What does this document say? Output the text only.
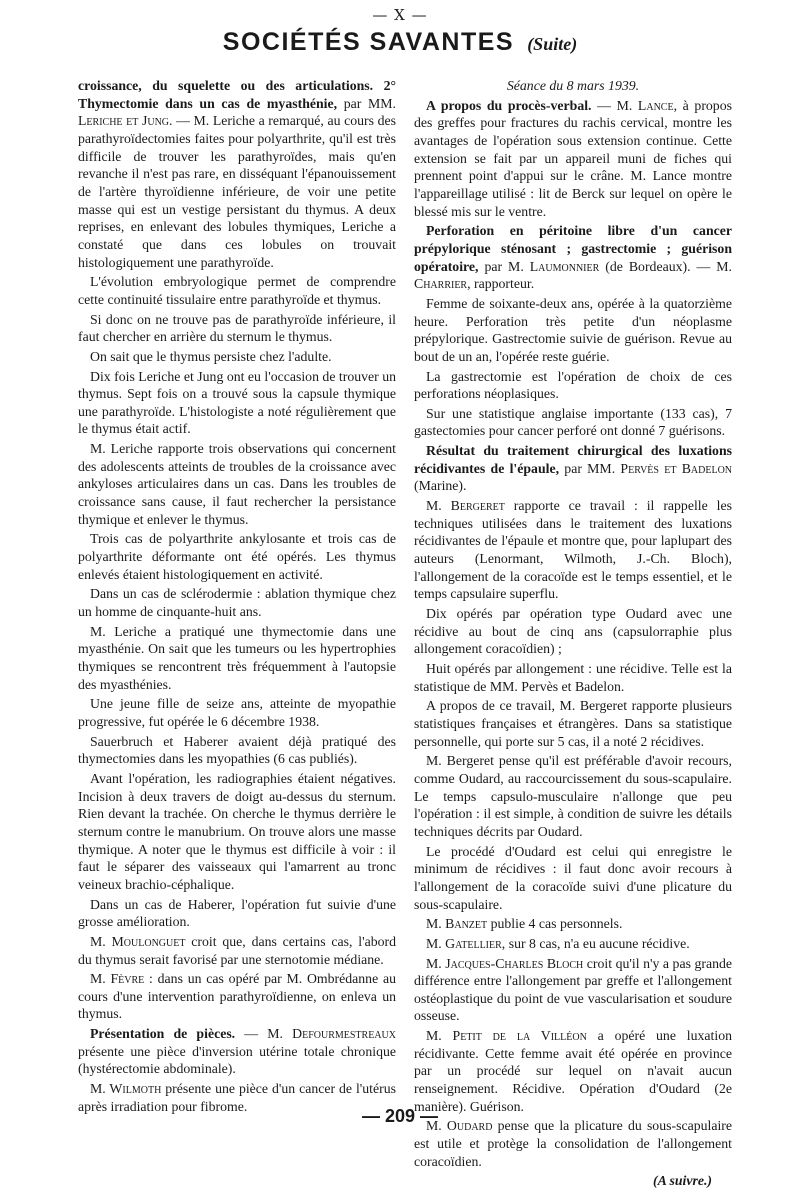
— X —
SOCIÉTÉS SAVANTES (Suite)

croissance, du squelette ou des articulations. 2° Thymectomie dans un cas de myasthénie, par MM. Leriche et Jung. — M. Leriche a remarqué, au cours des parathyroïdectomies faites pour polyarthrite, qu'il est très difficile de trouver les parathyroïdes, mais qu'en revanche il n'est pas rare, en disséquant l'épanouissement de l'artère thyroïdienne inférieure, de voir une petite masse qui est un vestige persistant du thymus. A deux reprises, en enlevant des lobules thymiques, Leriche a constaté que dans ces lobules on trouvait histologiquement une parathyroïde.

L'évolution embryologique permet de comprendre cette continuité tissulaire entre parathyroïde et thymus.

Si donc on ne trouve pas de parathyroïde inférieure, il faut chercher en arrière du sternum le thymus.

On sait que le thymus persiste chez l'adulte.

Dix fois Leriche et Jung ont eu l'occasion de trouver un thymus. Sept fois on a trouvé sous la capsule thymique une parathyroïde. L'histologiste a noté régulièrement que le thymus était actif.

M. Leriche rapporte trois observations qui concernent des adolescents atteints de troubles de la croissance avec ankyloses articulaires dans un cas. Dans les troubles de croissance sans cause, il faut rechercher la persistance thymique et enlever le thymus.

Trois cas de polyarthrite ankylosante et trois cas de polyarthrite déformante ont été opérés. Les thymus enlevés étaient histologiquement en activité.

Dans un cas de sclérodermie : ablation thymique chez un homme de cinquante-huit ans.

M. Leriche a pratiqué une thymectomie dans une myasthénie. On sait que les tumeurs ou les hypertrophies thymiques se rencontrent très fréquemment à l'autopsie des myasthénies.

Une jeune fille de seize ans, atteinte de myopathie progressive, fut opérée le 6 décembre 1938.

Sauerbruch et Haberer avaient déjà pratiqué des thymectomies dans les myopathies (6 cas publiés).

Avant l'opération, les radiographies étaient négatives. Incision à deux travers de doigt au-dessus du sternum. Rien devant la trachée. On cherche le thymus derrière le sternum contre le manubrium. On trouve alors une masse thymique. A noter que le thymus est difficile à voir : il faut le séparer des vaisseaux qui l'amarrent au tronc veineux brachio-céphalique.

Dans un cas de Haberer, l'opération fut suivie d'une grosse amélioration.

M. Moulonguet croit que, dans certains cas, l'abord du thymus serait favorisé par une sternotomie médiane.

M. Fèvre : dans un cas opéré par M. Ombrédanne au cours d'une intervention parathyroïdienne, on enleva un thymus.

Présentation de pièces. — M. Defourmestreaux présente une pièce d'inversion utérine totale chronique (hystérectomie abdominale).

M. Wilmoth présente une pièce d'un cancer de l'utérus après irradiation pour fibrome.

Séance du 8 mars 1939.

A propos du procès-verbal. — M. Lance, à propos des greffes pour fractures du rachis cervical, montre les avantages de l'opération sous extension continue. Cette extension se fait par un appareil muni de fiches qui prennent point d'appui sur le crâne. M. Lance montre l'appareillage utilisé : lit de Berck sur lequel on opère le blessé mis sur le ventre.

Perforation en péritoine libre d'un cancer prépylorique sténosant ; gastrectomie ; guérison opératoire, par M. Laumonnier (de Bordeaux). — M. Charrier, rapporteur.

Femme de soixante-deux ans, opérée à la quatorzième heure. Perforation très petite d'un néoplasme prépylorique. Gastrectomie suivie de guérison. Revue au bout de un an, l'opérée reste guérie.

La gastrectomie est l'opération de choix de ces perforations néoplasiques.

Sur une statistique anglaise importante (133 cas), 7 gastectomies pour cancer perforé ont donné 7 guérisons.

Résultat du traitement chirurgical des luxations récidivantes de l'épaule, par MM. Pervès et Badelon (Marine).

M. Bergeret rapporte ce travail : il rappelle les techniques utilisées dans le traitement des luxations récidivantes de l'épaule et montre que, pour laplupart des auteurs (Lenormant, Wilmoth, J.-Ch. Bloch), l'allongement de la coracoïde est le temps essentiel, et le temps capsulaire superflu.

Dix opérés par opération type Oudard avec une récidive au bout de cinq ans (capsulorraphie plus allongement coracoïdien) ;

Huit opérés par allongement : une récidive. Telle est la statistique de MM. Pervès et Badelon.

A propos de ce travail, M. Bergeret rapporte plusieurs statistiques françaises et étrangères. Dans sa statistique personnelle, qui porte sur 5 cas, il a noté 2 récidives.

M. Bergeret pense qu'il est préférable d'avoir recours, comme Oudard, au raccourcissement du sous-scapulaire. Le temps capsulo-musculaire n'allonge que peu l'opération : il est simple, à condition de suivre les détails techniques décrits par Oudard.

Le procédé d'Oudard est celui qui enregistre le minimum de récidives : il faut donc avoir recours à l'allongement de la coracoïde suivi d'une plicature du sous-scapulaire.

M. Banzet publie 4 cas personnels.

M. Gatellier, sur 8 cas, n'a eu aucune récidive.

M. Jacques-Charles Bloch croit qu'il n'y a pas grande différence entre l'allongement par greffe et l'allongement ostéoplastique du point de vue vascularisation et soudure osseuse.

M. Petit de la Villéon a opéré une luxation récidivante. Cette femme avait été opérée en province par un procédé sur lequel on n'avait aucun renseignement. Récidive. Opération d'Oudard (2e manière). Guérison.

M. Oudard pense que la plicature du sous-scapulaire est utile et protège la consolidation de l'allongement coracoïdien.

(A suivre.)
— 209 —
